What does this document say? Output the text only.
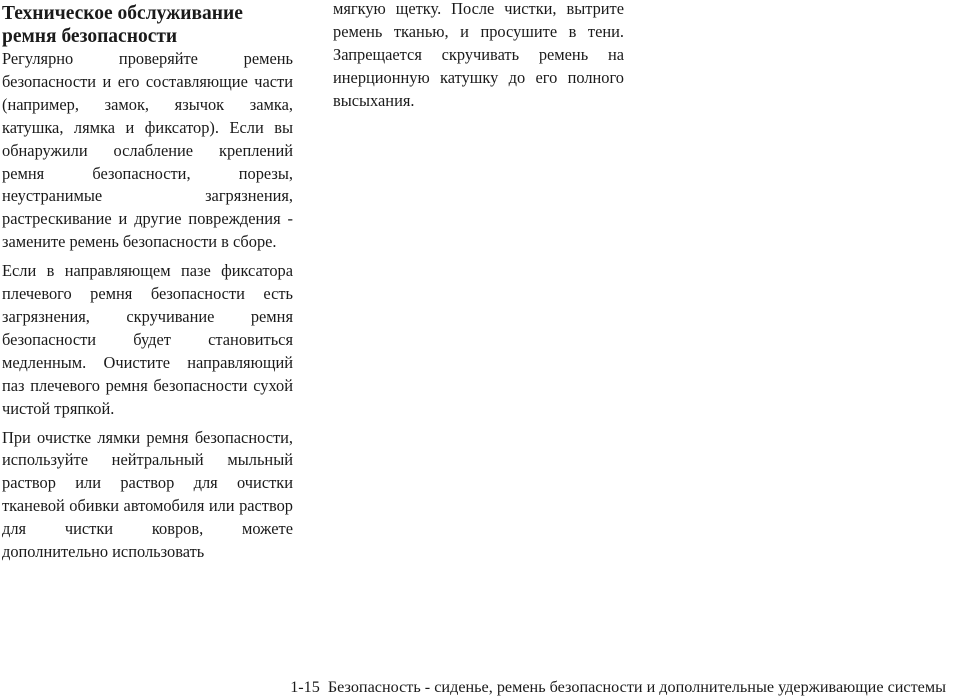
Техническое обслуживание ремня безопасности

Регулярно проверяйте ремень безопасности и его составляющие части (например, замок, язычок замка, катушка, лямка и фиксатор). Если вы обнаружили ослабление креплений ремня безопасности, порезы, неустранимые загрязнения, растрескивание и другие повреждения - замените ремень безопасности в сборе.

Если в направляющем пазе фиксатора плечевого ремня безопасности есть загрязнения, скручивание ремня безопасности будет становиться медленным. Очистите направляющий паз плечевого ремня безопасности сухой чистой тряпкой.

При очистке лямки ремня безопасности, используйте нейтральный мыльный раствор или раствор для очистки тканевой обивки автомобиля или раствор для чистки ковров, можете дополнительно использовать

мягкую щетку. После чистки, вытрите ремень тканью, и просушите в тени. Запрещается скручивать ремень на инерционную катушку до его полного высыхания.

1-15 Безопасность - сиденье, ремень безопасности и дополнительные удерживающие системы
